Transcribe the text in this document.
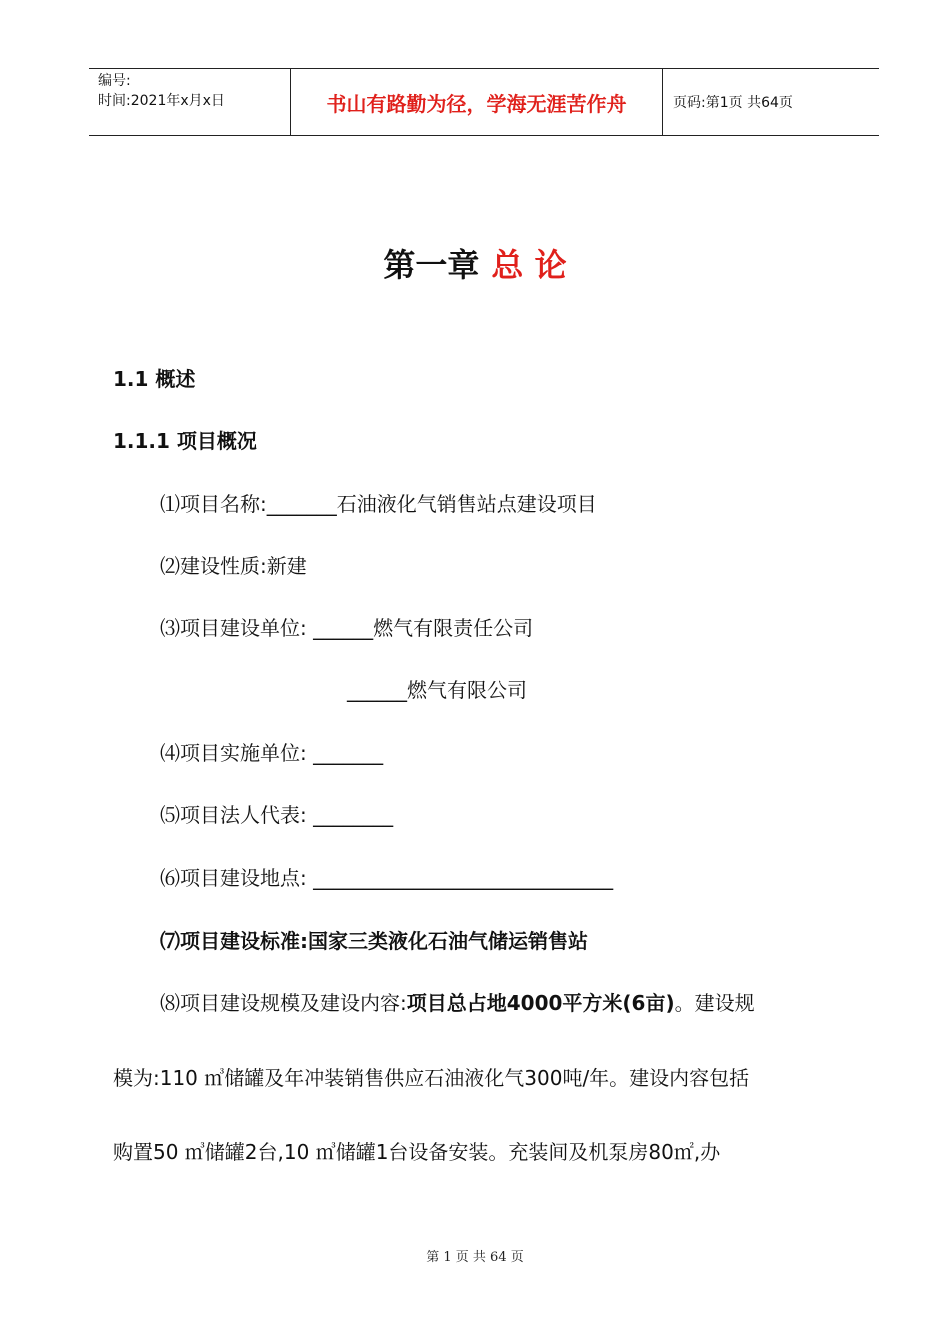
编号:
时间:2021年x月x日	书山有路勤为径，学海无涯苦作舟	页码:第1页 共64页
第一章 总 论
1.1 概述
1.1.1 项目概况
⑴项目名称:_______石油液化气销售站点建设项目
⑵建设性质:新建
⑶项目建设单位: ______燃气有限责任公司
______燃气有限公司
⑷项目实施单位: _______
⑸项目法人代表: ________
⑹项目建设地点: ______________________________
⑺项目建设标准:国家三类液化石油气储运销售站
⑻项目建设规模及建设内容:项目总占地4000平方米(6亩)。建设规
模为:110 ㎥储罐及年冲装销售供应石油液化气300吨/年。建设内容包括
购置50 ㎥储罐2台,10 ㎥储罐1台设备安装。充装间及机泵房80㎡,办
第 1 页 共 64 页
